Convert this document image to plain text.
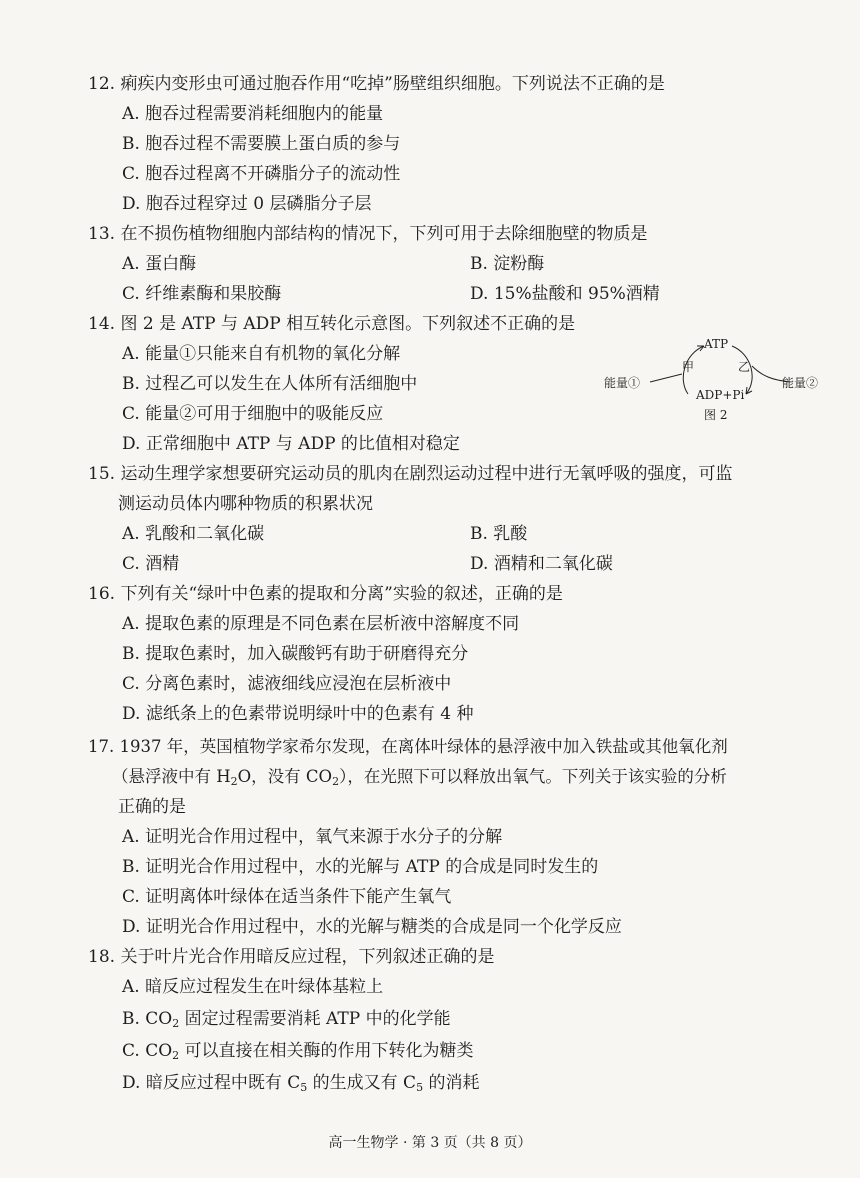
12. 痢疾内变形虫可通过胞吞作用“吃掉”肠壁组织细胞。下列说法不正确的是
A. 胞吞过程需要消耗细胞内的能量
B. 胞吞过程不需要膜上蛋白质的参与
C. 胞吞过程离不开磷脂分子的流动性
D. 胞吞过程穿过 0 层磷脂分子层
13. 在不损伤植物细胞内部结构的情况下，下列可用于去除细胞壁的物质是
A. 蛋白酶	B. 淀粉酶
C. 纤维素酶和果胶酶	D. 15%盐酸和 95%酒精
14. 图 2 是 ATP 与 ADP 相互转化示意图。下列叙述不正确的是
A. 能量①只能来自有机物的氧化分解
B. 过程乙可以发生在人体所有活细胞中
C. 能量②可用于细胞中的吸能反应
D. 正常细胞中 ATP 与 ADP 的比值相对稳定
ATP
甲	乙
ADP+Pi
能量①	能量②
图 2
15. 运动生理学家想要研究运动员的肌肉在剧烈运动过程中进行无氧呼吸的强度，可监
测运动员体内哪种物质的积累状况
A. 乳酸和二氧化碳	B. 乳酸
C. 酒精	D. 酒精和二氧化碳
16. 下列有关“绿叶中色素的提取和分离”实验的叙述，正确的是
A. 提取色素的原理是不同色素在层析液中溶解度不同
B. 提取色素时，加入碳酸钙有助于研磨得充分
C. 分离色素时，滤液细线应浸泡在层析液中
D. 滤纸条上的色素带说明绿叶中的色素有 4 种
17. 1937 年，英国植物学家希尔发现，在离体叶绿体的悬浮液中加入铁盐或其他氧化剂
（悬浮液中有 $H_2O$，没有 $CO_2$），在光照下可以释放出氧气。下列关于该实验的分析
正确的是
A. 证明光合作用过程中，氧气来源于水分子的分解
B. 证明光合作用过程中，水的光解与 ATP 的合成是同时发生的
C. 证明离体叶绿体在适当条件下能产生氧气
D. 证明光合作用过程中，水的光解与糖类的合成是同一个化学反应
18. 关于叶片光合作用暗反应过程，下列叙述正确的是
A. 暗反应过程发生在叶绿体基粒上
B. $CO_2$ 固定过程需要消耗 ATP 中的化学能
C. $CO_2$ 可以直接在相关酶的作用下转化为糖类
D. 暗反应过程中既有 $C_5$ 的生成又有 $C_5$ 的消耗
高一生物学 · 第 3 页（共 8 页）
